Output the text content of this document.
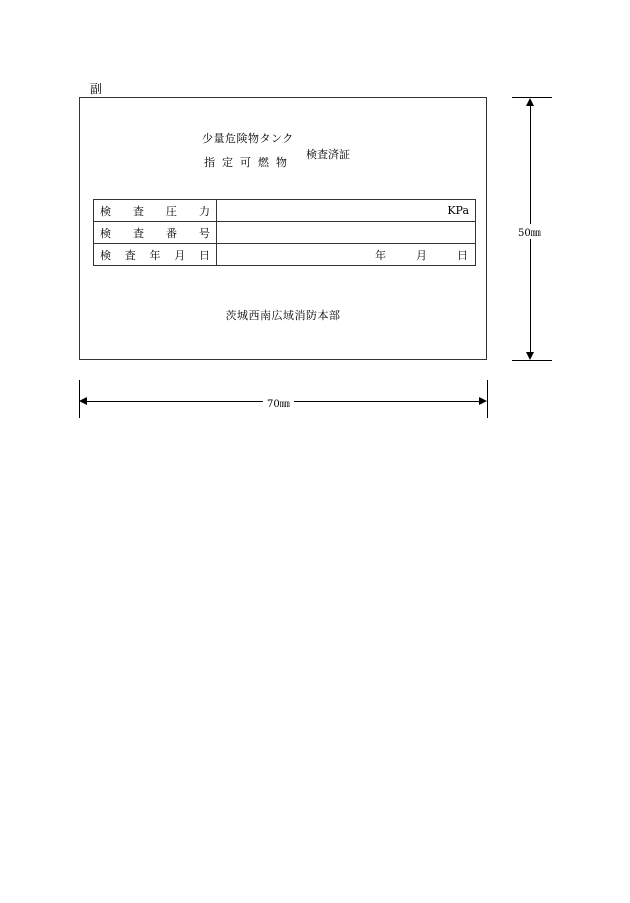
副
少量危険物タンク
指定可燃物
検査済証
検 査 圧 力	KPa

検 査 番 号	

検 査 年 月 日	年 月 日
茨城西南広域消防本部
50㎜
70㎜
